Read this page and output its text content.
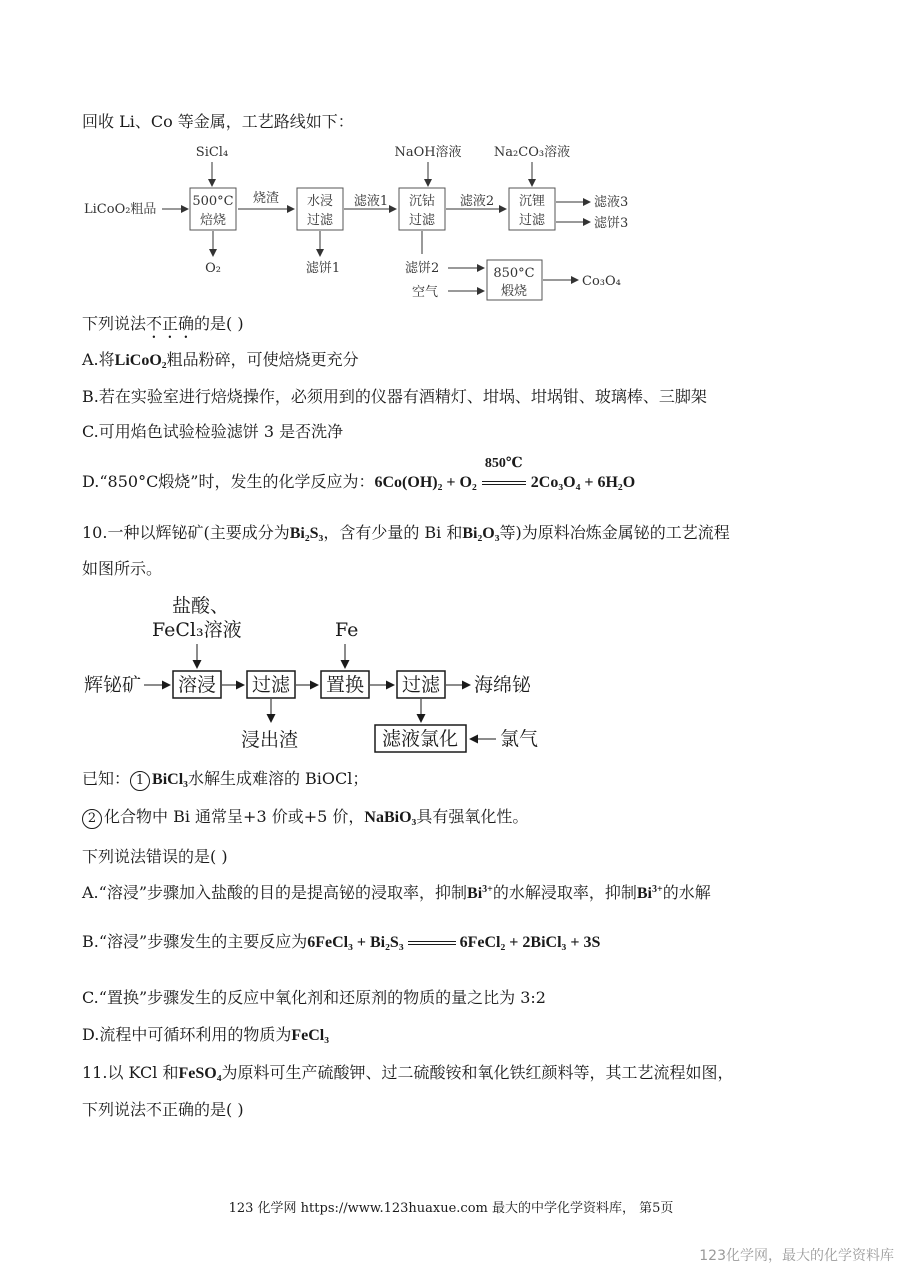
回收 Li、Co 等金属，工艺路线如下：
SiCl₄	NaOH溶液 Na₂CO₃溶液
LiCoO₂粗品
500°C
焙烧
O₂
烧渣 水浸
过滤
滤饼1
滤液1 沉钴
过滤
滤液2 沉锂
过滤
滤液3
滤饼3
滤饼2
空气
850°C
煅烧
Co₃O₄
下列说法不正确的是( )
A.将LiCoO₂粗品粉碎，可使焙烧更充分
B.若在实验室进行焙烧操作，必须用到的仪器有酒精灯、坩埚、坩埚钳、玻璃棒、三脚架
C.可用焰色试验检验滤饼 3 是否洗净
D.“850°C煅烧”时，发生的化学反应为：6Co(OH)₂ + O₂
850℃
2Co₃O₄ + 6H₂O
10.一种以辉铋矿(主要成分为Bi₂S₃，含有少量的 Bi 和Bi₂O₃等)为原料冶炼金属铋的工艺流程
如图所示。
盐酸、
FeCl₃溶液	Fe
辉铋矿 溶浸 过滤
浸出渣
置换 过滤 海绵铋
滤液氯化 氯气
已知： 1 BiCl₃水解生成难溶的 BiOCl；
2 化合物中 Bi 通常呈+3 价或+5 价，NaBiO₃具有强氧化性。
下列说法错误的是( )
A.“溶浸”步骤加入盐酸的目的是提高铋的浸取率，抑制$Bi^{3+}$的水解浸取率，抑制$Bi^{3+}$的水解
B.“溶浸”步骤发生的主要反应为6FeCl₃ + Bi₂S₃	6FeCl₂ + 2BiCl₃ + 3S
C.“置换”步骤发生的反应中氧化剂和还原剂的物质的量之比为 3:2
D.流程中可循环利用的物质为FeCl₃
11.以 KCl 和FeSO₄为原料可生产硫酸钾、过二硫酸铵和氧化铁红颜料等，其工艺流程如图，
下列说法不正确的是( )
123 化学网 https://www.123huaxue.com 最大的中学化学资料库， 第5页
123化学网，最大的化学资料库
